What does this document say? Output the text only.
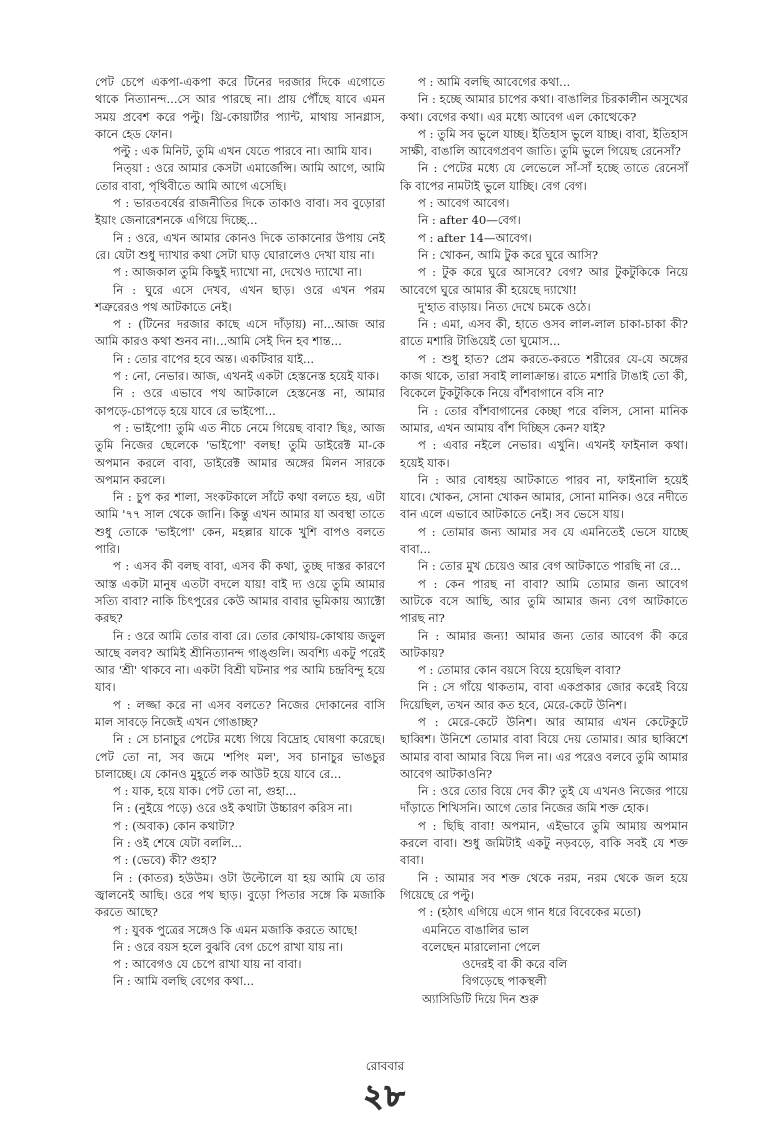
পেট চেপে একপা-একপা করে টিনের দরজার দিকে এগোতে থাকে নিত্যানন্দ...সে আর পারছে না। প্রায় পৌঁছে যাবে এমন সময় প্রবেশ করে পল্টু। থ্রি-কোয়ার্টার প্যান্ট, মাথায় সানগ্লাস, কানে হেড ফোন।

পল্টু : এক মিনিট, তুমি এখন যেতে পারবে না। আমি যাব।

নিত্য়া : ওরে আমার কেসটা এমার্জেন্সি। আমি আগে, আমি তোর বাবা, পৃথিবীতে আমি আগে এসেছি।

প : ভারতবর্ষের রাজনীতির দিকে তাকাও বাবা। সব বুড়োরা ইয়াং জেনারেশনকে এগিয়ে দিচ্ছে...

নি : ওরে, এখন আমার কোনও দিকে তাকানোর উপায় নেই রে। যেটা শুধু দ্যাখার কথা সেটা ঘাড় ঘোরালেও দেখা যায় না।

প : আজকাল তুমি কিছুই দ্যাখো না, দেখেও দ্যাখো না।

নি : ঘুরে এসে দেখব, এখন ছাড়। ওরে এখন পরম শত্রুরেরও পথ আটকাতে নেই।

প : (টিনের দরজার কাছে এসে দাঁড়ায়) না...আজ আর আমি কারও কথা শুনব না।...আমি সেই দিন হব শান্ত...

নি : তোর বাপের হবে অন্ত। একটিবার যাই...

প : নো, নেভার। আজ, এখনই একটা হেস্তনেস্ত হয়েই যাক।

নি : ওরে এভাবে পথ আটকালে হেস্তনেস্ত না, আমার কাপড়ে-চোপড়ে হয়ে যাবে রে ভাইপো...

প : ভাইপো! তুমি এত নীচে নেমে গিয়েছ বাবা? ছিঃ, আজ তুমি নিজের ছেলেকে 'ভাইপো' বলছ! তুমি ডাইরেক্ট মা-কে অপমান করলে বাবা, ডাইরেক্ট আমার অঙ্গের মিলন সারকে অপমান করলে।

নি : চুপ কর শালা, সংকটকালে সাঁটে কথা বলতে হয়, এটা আমি '৭৭ সাল থেকে জানি। কিন্তু এখন আমার যা অবস্থা তাতে শুধু তোকে 'ভাইপো' কেন, মহল্লার যাকে খুশি বাপও বলতে পারি।

প : এসব কী বলছ বাবা, এসব কী কথা, তুচ্ছ দাস্তর কারণে আস্ত একটা মানুষ এতটা বদলে যায়! বাই দ্য ওয়ে তুমি আমার সত্যি বাবা? নাকি চিৎপুরের কেউ আমার বাবার ভূমিকায় অ্যাক্টো করছ?

নি : ওরে আমি তোর বাবা রে। তোর কোথায়-কোথায় জড়ুল আছে বলব? আমিই শ্রীনিত্যানন্দ গাঙ্গুলি। অবশ্যি একটু পরেই আর 'শ্রী' থাকবে না। একটা বিশ্রী ঘটনার পর আমি চন্দ্রবিন্দু হয়ে যাব।

প : লজ্জা করে না এসব বলতে? নিজের দোকানের বাসি মাল সাবড়ে নিজেই এখন গোঙাচ্ছ?

নি : সে চানাচুর পেটের মধ্যে গিয়ে বিদ্রোহ ঘোষণা করেছে। পেট তো না, সব জমে 'শপিং মল', সব চানাচুর ভাঙচুর চালাচ্ছে। যে কোনও মুহূর্তে লক আউট হয়ে যাবে রে...

প : যাক, হয়ে যাক। পেট তো না, গুহা...

নি : (নুইয়ে পড়ে) ওরে ওই কথাটা উচ্চারণ করিস না।

প : (অবাক) কোন কথাটা?

নি : ওই শেষে যেটা বললি...

প : (ভেবে) কী? গুহা?

নি : (কাতর) হউউম। ওটা উল্টোলে যা হয় আমি যে তার জ্বালনেই আছি। ওরে পথ ছাড়। বুড়ো পিতার সঙ্গে কি মজাকি করতে আছে?

প : যুবক পুত্রের সঙ্গেও কি এমন মজাকি করতে আছে!

নি : ওরে বয়স হলে বুঝবি বেগ চেপে রাখা যায় না।

প : আবেগও যে চেপে রাখা যায় না বাবা।

নি : আমি বলছি বেগের কথা...

প : আমি বলছি আবেগের কথা...

নি : হচ্ছে আমার চাপের কথা। বাঙালির চিরকালীন অসুখের কথা। বেগের কথা। এর মধ্যে আবেগ এল কোত্থেকে?

প : তুমি সব ভুলে যাচ্ছ। ইতিহাস ভুলে যাচ্ছ। বাবা, ইতিহাস সাক্ষী, বাঙালি আবেগপ্রবণ জাতি। তুমি ভুলে গিয়েছ রেনেসাঁ?

নি : পেটের মধ্যে যে লেভেলে সাঁ-সাঁ হচ্ছে তাতে রেনেসাঁ কি বাপের নামটাই ভুলে যাচ্ছি। বেগ বেগ।

প : আবেগ আবেগ।

নি : after 40—বেগ।

প : after 14—আবেগ।

নি : খোকন, আমি টুক করে ঘুরে আসি?

প : টুক করে ঘুরে আসবে? বেগ? আর টুকটুকিকে নিয়ে আবেগে ঘুরে আমার কী হয়েছে দ্যাখো!

দু'হাত বাড়ায়। নিত্য দেখে চমকে ওঠে।

নি : এমা, এসব কী, হাতে ওসব লাল-লাল চাকা-চাকা কী? রাতে মশারি টাঙিয়েই তো ঘুমোস...

প : শুধু হাত? প্রেম করতে-করতে শরীরের যে-যে অঙ্গের কাজ থাকে, তারা সবাই লালাক্রান্ত। রাতে মশারি টাঙাই তো কী, বিকেলে টুকটুকিকে নিয়ে বাঁশবাগানে বসি না?

নি : তোর বাঁশবাগানের কেচ্ছা পরে বলিস, সোনা মানিক আমার, এখন আমায় বাঁশ দিচ্ছিস কেন? যাই?

প : এবার নইলে নেভার। এখুনি। এখনই ফাইনাল কথা। হয়েই যাক।

নি : আর বোধহয় আটকাতে পারব না, ফাইনালি হয়েই যাবে। খোকন, সোনা খোকন আমার, সোনা মানিক। ওরে নদীতে বান এলে এভাবে আটকাতে নেই। সব ভেসে যায়।

প : তোমার জন্য আমার সব যে এমনিতেই ভেসে যাচ্ছে বাবা...

নি : তোর মুখ চেয়েও আর বেগ আটকাতে পারছি না রে...

প : কেন পারছ না বাবা? আমি তোমার জন্য আবেগ আটকে বসে আছি, আর তুমি আমার জন্য বেগ আটকাতে পারছ না?

নি : আমার জন্য! আমার জন্য তোর আবেগ কী করে আটকায়?

প : তোমার কোন বয়সে বিয়ে হয়েছিল বাবা?

নি : সে গাঁয়ে থাকতাম, বাবা একপ্রকার জোর করেই বিয়ে দিয়েছিল, তখন আর কত হবে, মেরে-কেটে উনিশ।

প : মেরে-কেটে উনিশ। আর আমার এখন কেটেকুটে ছাব্বিশ। উনিশে তোমার বাবা বিয়ে দেয় তোমার। আর ছাব্বিশে আমার বাবা আমার বিয়ে দিল না। এর পরেও বলবে তুমি আমার আবেগ আটকাওনি?

নি : ওরে তোর বিয়ে দেব কী? তুই যে এখনও নিজের পায়ে দাঁড়াতে শিখিসনি। আগে তোর নিজের জমি শক্ত হোক।

প : ছিছি বাবা! অপমান, এইভাবে তুমি আমায় অপমান করলে বাবা। শুধু জমিটাই একটু নড়বড়ে, বাকি সবই যে শক্ত বাবা।

নি : আমার সব শক্ত থেকে নরম, নরম থেকে জল হয়ে গিয়েছে রে পল্টু।

প : (হঠাৎ এগিয়ে এসে গান ধরে বিবেকের মতো)

এমনিতে বাঙালির ভাল

বলেছেন মারালোনা পেলে

ওদেরই বা কী করে বলি

বিগড়েছে পাকস্থলী

অ্যাসিডিটি দিয়ে দিন শুরু

রোববার
২৮
